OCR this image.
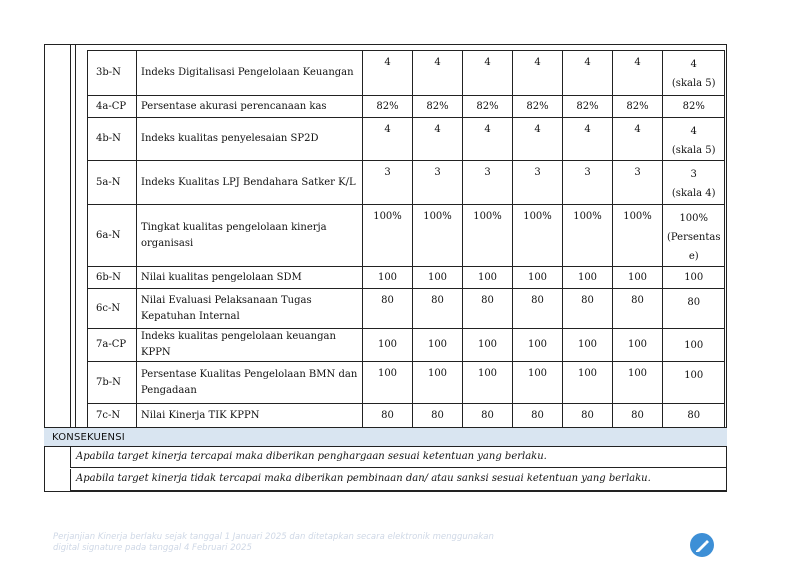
3b-N	Indeks Digitalisasi Pengelolaan Keuangan	4	4	4	4	4	4	4
(skala 5)

4a-CP	Persentase akurasi perencanaan kas	82%	82%	82%	82%	82%	82%	82%

4b-N	Indeks kualitas penyelesaian SP2D	4	4	4	4	4	4	4
(skala 5)

5a-N	Indeks Kualitas LPJ Bendahara Satker K/L	3	3	3	3	3	3	3
(skala 4)

6a-N	Tingkat kualitas pengelolaan kinerja organisasi	100%	100%	100%	100%	100%	100%	100%
(Persentas e)

6b-N	Nilai kualitas pengelolaan SDM	100	100	100	100	100	100	100

6c-N	Nilai Evaluasi Pelaksanaan Tugas Kepatuhan Internal	80	80	80	80	80	80	80

7a-CP	Indeks kualitas pengelolaan keuangan KPPN	100	100	100	100	100	100	100

7b-N	Persentase Kualitas Pengelolaan BMN dan Pengadaan	100	100	100	100	100	100	100

7c-N	Nilai Kinerja TIK KPPN	80	80	80	80	80	80	80
KONSEKUENSI
Apabila target kinerja tercapai maka diberikan penghargaan sesuai ketentuan yang berlaku.
Apabila target kinerja tidak tercapai maka diberikan pembinaan dan/ atau sanksi sesuai ketentuan yang berlaku.
Perjanjian Kinerja berlaku sejak tanggal 1 Januari 2025 dan ditetapkan secara elektronik menggunakan
digital signature pada tanggal 4 Februari 2025
